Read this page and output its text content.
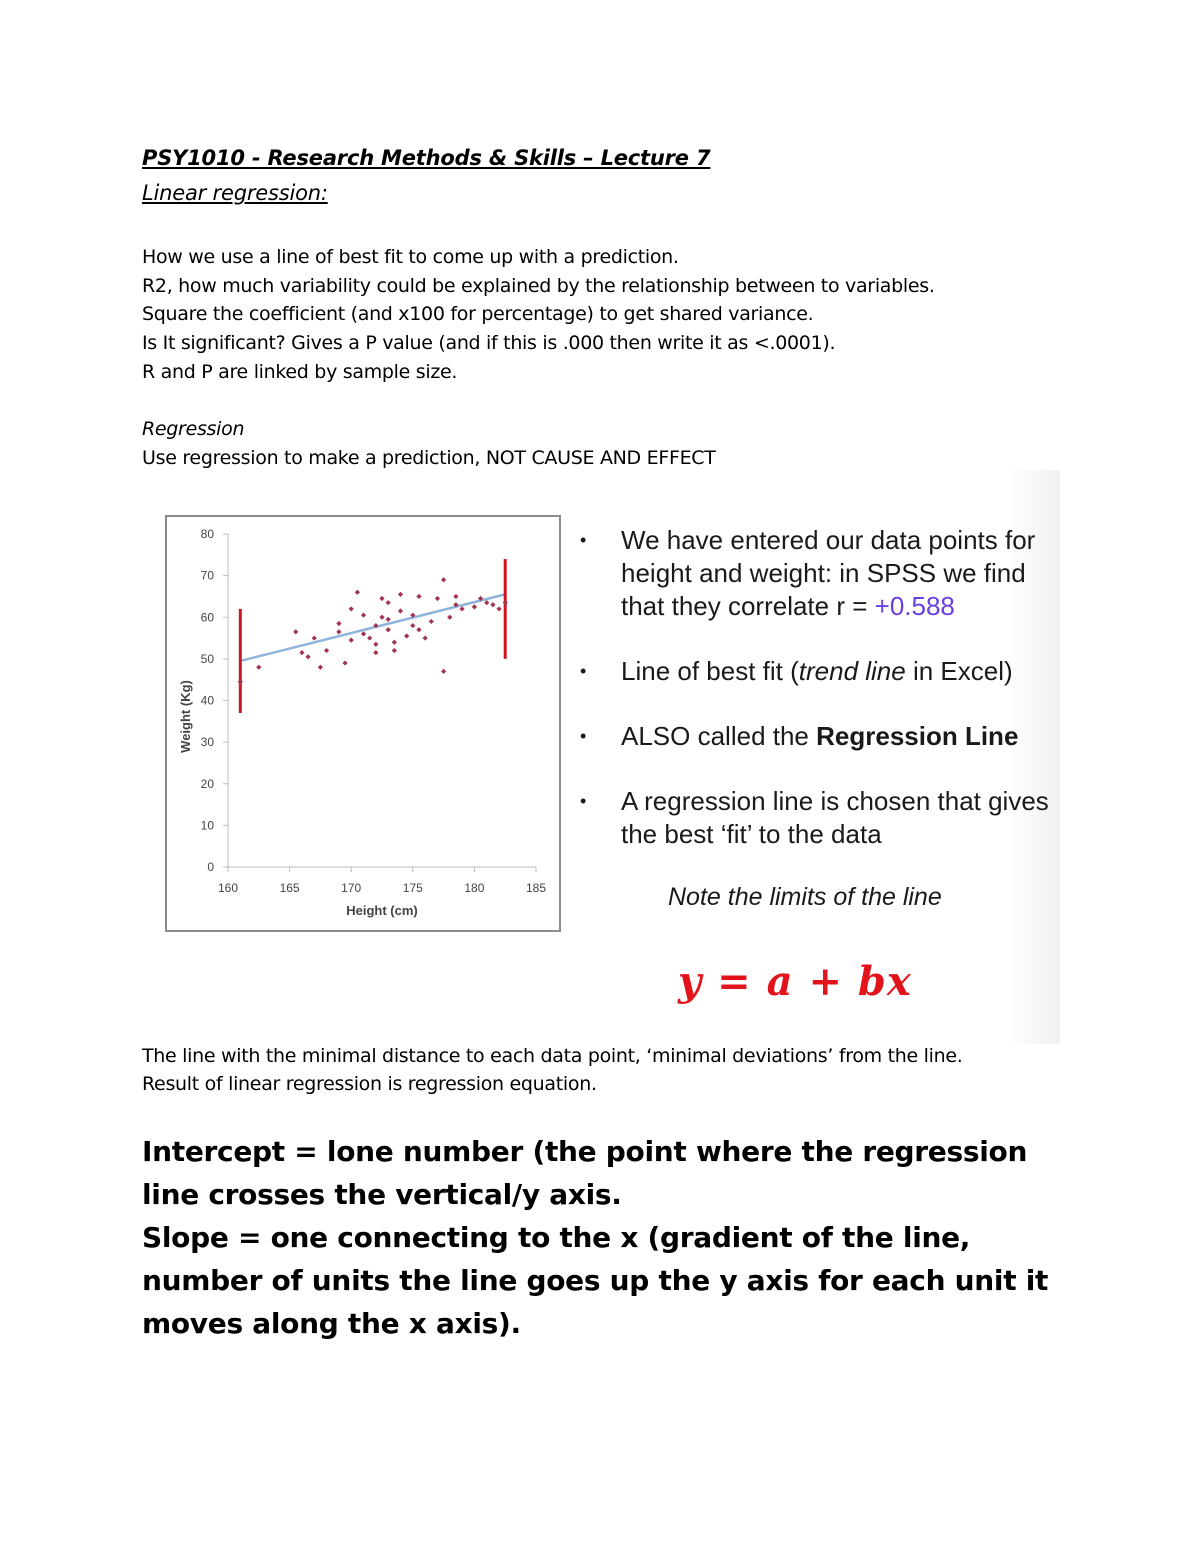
PSY1010 - Research Methods & Skills – Lecture 7
Linear regression:
How we use a line of best fit to come up with a prediction.
R2, how much variability could be explained by the relationship between to variables.
Square the coefficient (and x100 for percentage) to get shared variance.
Is It significant? Gives a P value (and if this is .000 then write it as <.0001).
R and P are linked by sample size.
Regression
Use regression to make a prediction, NOT CAUSE AND EFFECT
160	165	170	175	180	185
0
10
20
30
40
50
60
70
80
Height (cm)
Weight (Kg)
• We have entered our data points for height and weight: in SPSS we find that they correlate r = +0.588
• Line of best fit (trend line in Excel)
• ALSO called the Regression Line
• A regression line is chosen that gives the best ‘fit’ to the data
Note the limits of the line
y = a + bx
The line with the minimal distance to each data point, ‘minimal deviations’ from the line.
Result of linear regression is regression equation.
Intercept = lone number (the point where the regression line crosses the vertical/y axis.
Slope = one connecting to the x (gradient of the line, number of units the line goes up the y axis for each unit it moves along the x axis).
